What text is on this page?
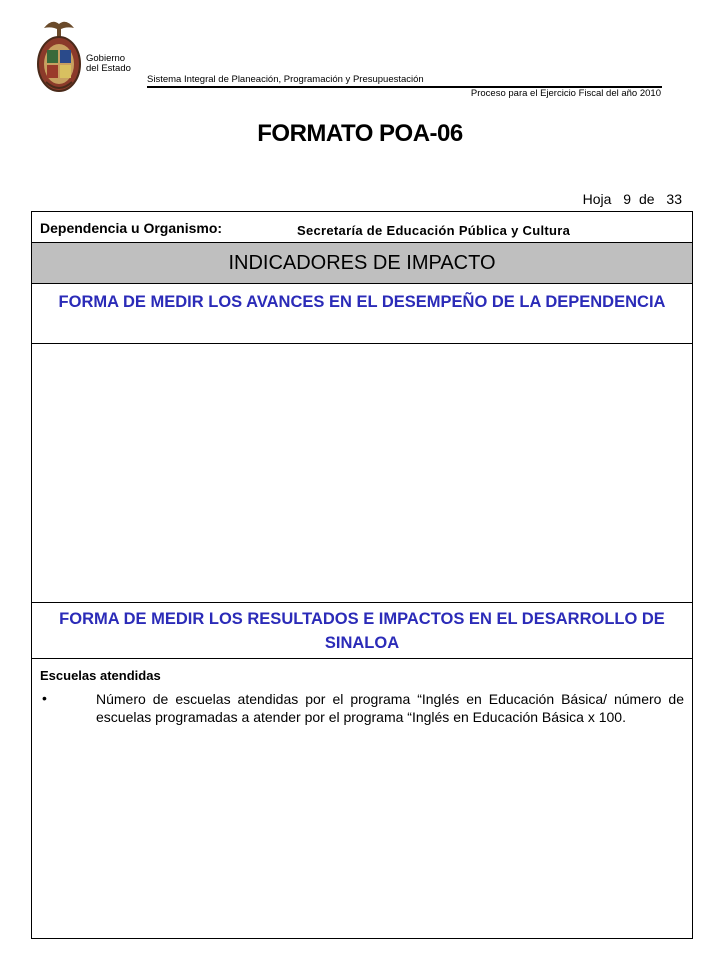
Gobierno
del Estado
Sistema Integral de Planeación, Programación y Presupuestación
Proceso para el Ejercicio Fiscal del año 2010
FORMATO POA-06
Hoja 9 de 33
Dependencia u Organismo:	Secretaría de Educación Pública y Cultura
INDICADORES DE IMPACTO
FORMA DE MEDIR LOS AVANCES EN EL DESEMPEÑO DE LA DEPENDENCIA
FORMA DE MEDIR LOS RESULTADOS E IMPACTOS EN EL DESARROLLO DE SINALOA
Escuelas atendidas
•	Número de escuelas atendidas por el programa “Inglés en Educación Básica/ número de escuelas programadas a atender por el programa “Inglés en Educación Básica x 100.
